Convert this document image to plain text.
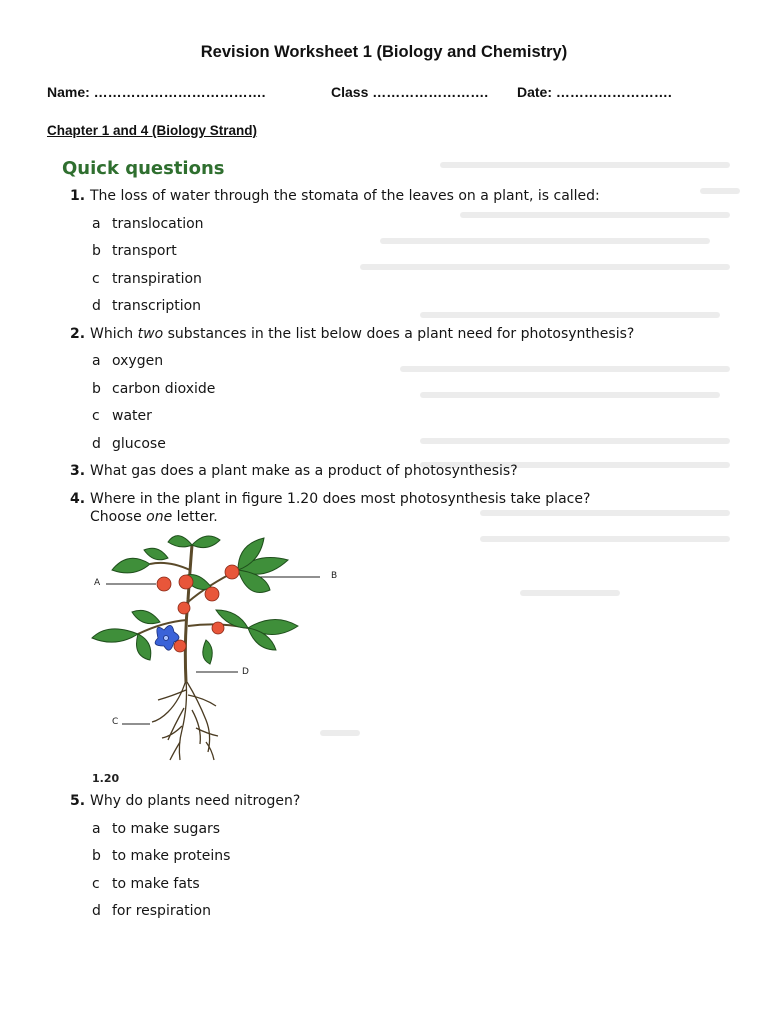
Revision Worksheet 1 (Biology and Chemistry)
Name: ……………………………….	Class ……………………. Date: …………………….
Chapter 1 and 4 (Biology Strand)
Quick questions
1. The loss of water through the stomata of the leaves on a plant, is called:
a translocation
b transport
c transpiration
d transcription
2. Which two substances in the list below does a plant need for photosynthesis?
a oxygen
b carbon dioxide
c water
d glucose
3. What gas does a plant make as a product of photosynthesis?
4. Where in the plant in figure 1.20 does most photosynthesis take place?
Choose one letter.
A
B
D
C
1.20
5. Why do plants need nitrogen?
a to make sugars
b to make proteins
c to make fats
d for respiration
